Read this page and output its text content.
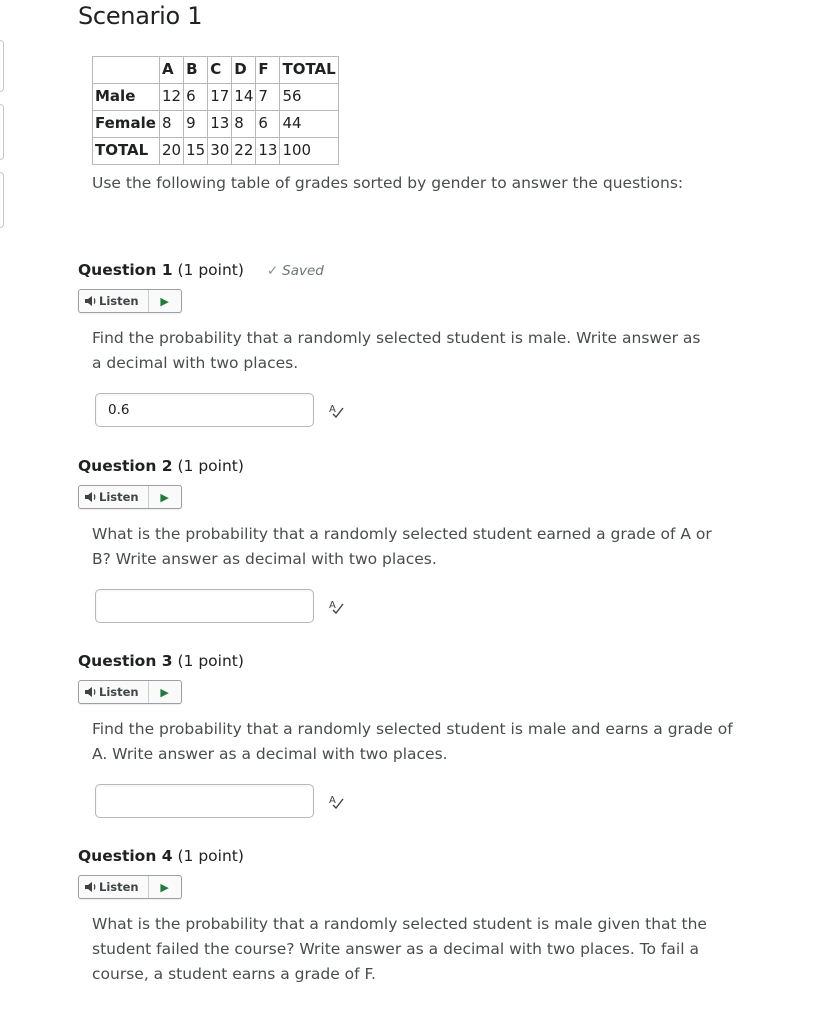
Scenario 1
	A	B	C	D	F	TOTAL
Male	12	6	17	14	7	56
Female	8	9	13	8	6	44
TOTAL	20	15	30	22	13	100
Use the following table of grades sorted by gender to answer the questions:
Question 1 (1 point) ✓ Saved
Listen	▶
Find the probability that a randomly selected student is male. Write answer as a decimal with two places.
0.6
A
Question 2 (1 point)
Listen	▶
What is the probability that a randomly selected student earned a grade of A or B? Write answer as decimal with two places.
A
Question 3 (1 point)
Listen	▶
Find the probability that a randomly selected student is male and earns a grade of A. Write answer as a decimal with two places.
A
Question 4 (1 point)
Listen	▶
What is the probability that a randomly selected student is male given that the student failed the course? Write answer as a decimal with two places. To fail a course, a student earns a grade of F.
